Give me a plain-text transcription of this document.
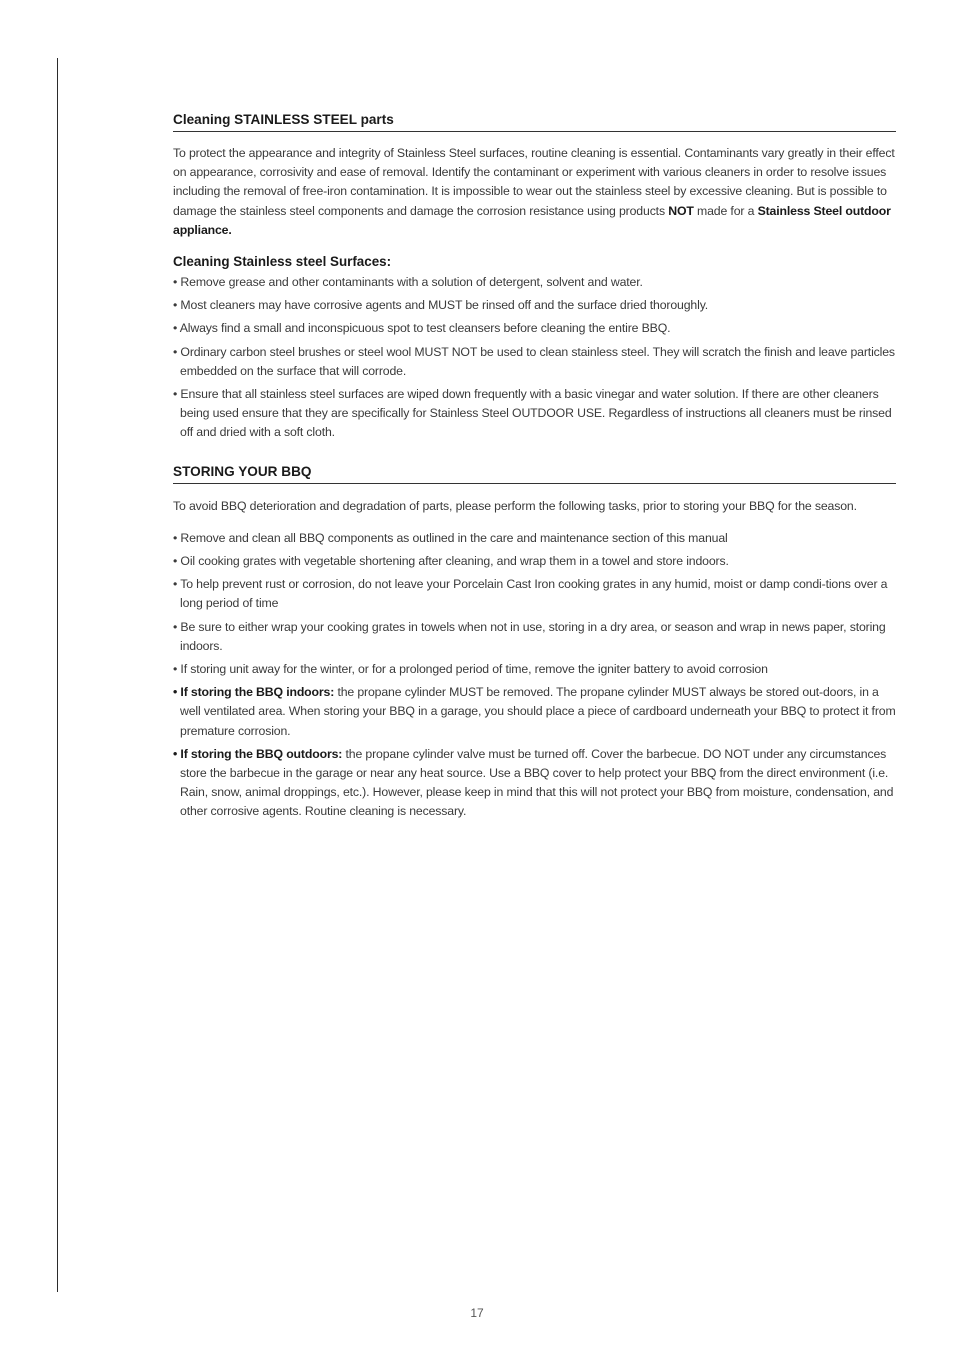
Cleaning STAINLESS STEEL parts

To protect the appearance and integrity of Stainless Steel surfaces, routine cleaning is essential. Contaminants vary greatly in their effect on appearance, corrosivity and ease of removal. Identify the contaminant or experiment with various cleaners in order to resolve issues including the removal of free-iron contamination. It is impossible to wear out the stainless steel by excessive cleaning. But is possible to damage the stainless steel components and damage the corrosion resistance using products NOT made for a Stainless Steel outdoor appliance.

Cleaning Stainless steel Surfaces:
• Remove grease and other contaminants with a solution of detergent, solvent and water.
• Most cleaners may have corrosive agents and MUST be rinsed off and the surface dried thoroughly.
• Always find a small and inconspicuous spot to test cleansers before cleaning the entire BBQ.
• Ordinary carbon steel brushes or steel wool MUST NOT be used to clean stainless steel. They will scratch the finish and leave particles embedded on the surface that will corrode.
• Ensure that all stainless steel surfaces are wiped down frequently with a basic vinegar and water solution. If there are other cleaners being used ensure that they are specifically for Stainless Steel OUTDOOR USE. Regardless of instructions all cleaners must be rinsed off and dried with a soft cloth.
STORING YOUR BBQ

To avoid BBQ deterioration and degradation of parts, please perform the following tasks, prior to storing your BBQ for the season.

• Remove and clean all BBQ components as outlined in the care and maintenance section of this manual
• Oil cooking grates with vegetable shortening after cleaning, and wrap them in a towel and store indoors.
• To help prevent rust or corrosion, do not leave your Porcelain Cast Iron cooking grates in any humid, moist or damp condi-tions over a long period of time
• Be sure to either wrap your cooking grates in towels when not in use, storing in a dry area, or season and wrap in news paper, storing indoors.
• If storing unit away for the winter, or for a prolonged period of time, remove the igniter battery to avoid corrosion
• If storing the BBQ indoors: the propane cylinder MUST be removed. The propane cylinder MUST always be stored out-doors, in a well ventilated area. When storing your BBQ in a garage, you should place a piece of cardboard underneath your BBQ to protect it from premature corrosion.
• If storing the BBQ outdoors: the propane cylinder valve must be turned off. Cover the barbecue. DO NOT under any circumstances store the barbecue in the garage or near any heat source. Use a BBQ cover to help protect your BBQ from the direct environment (i.e. Rain, snow, animal droppings, etc.). However, please keep in mind that this will not protect your BBQ from moisture, condensation, and other corrosive agents. Routine cleaning is necessary.
17
